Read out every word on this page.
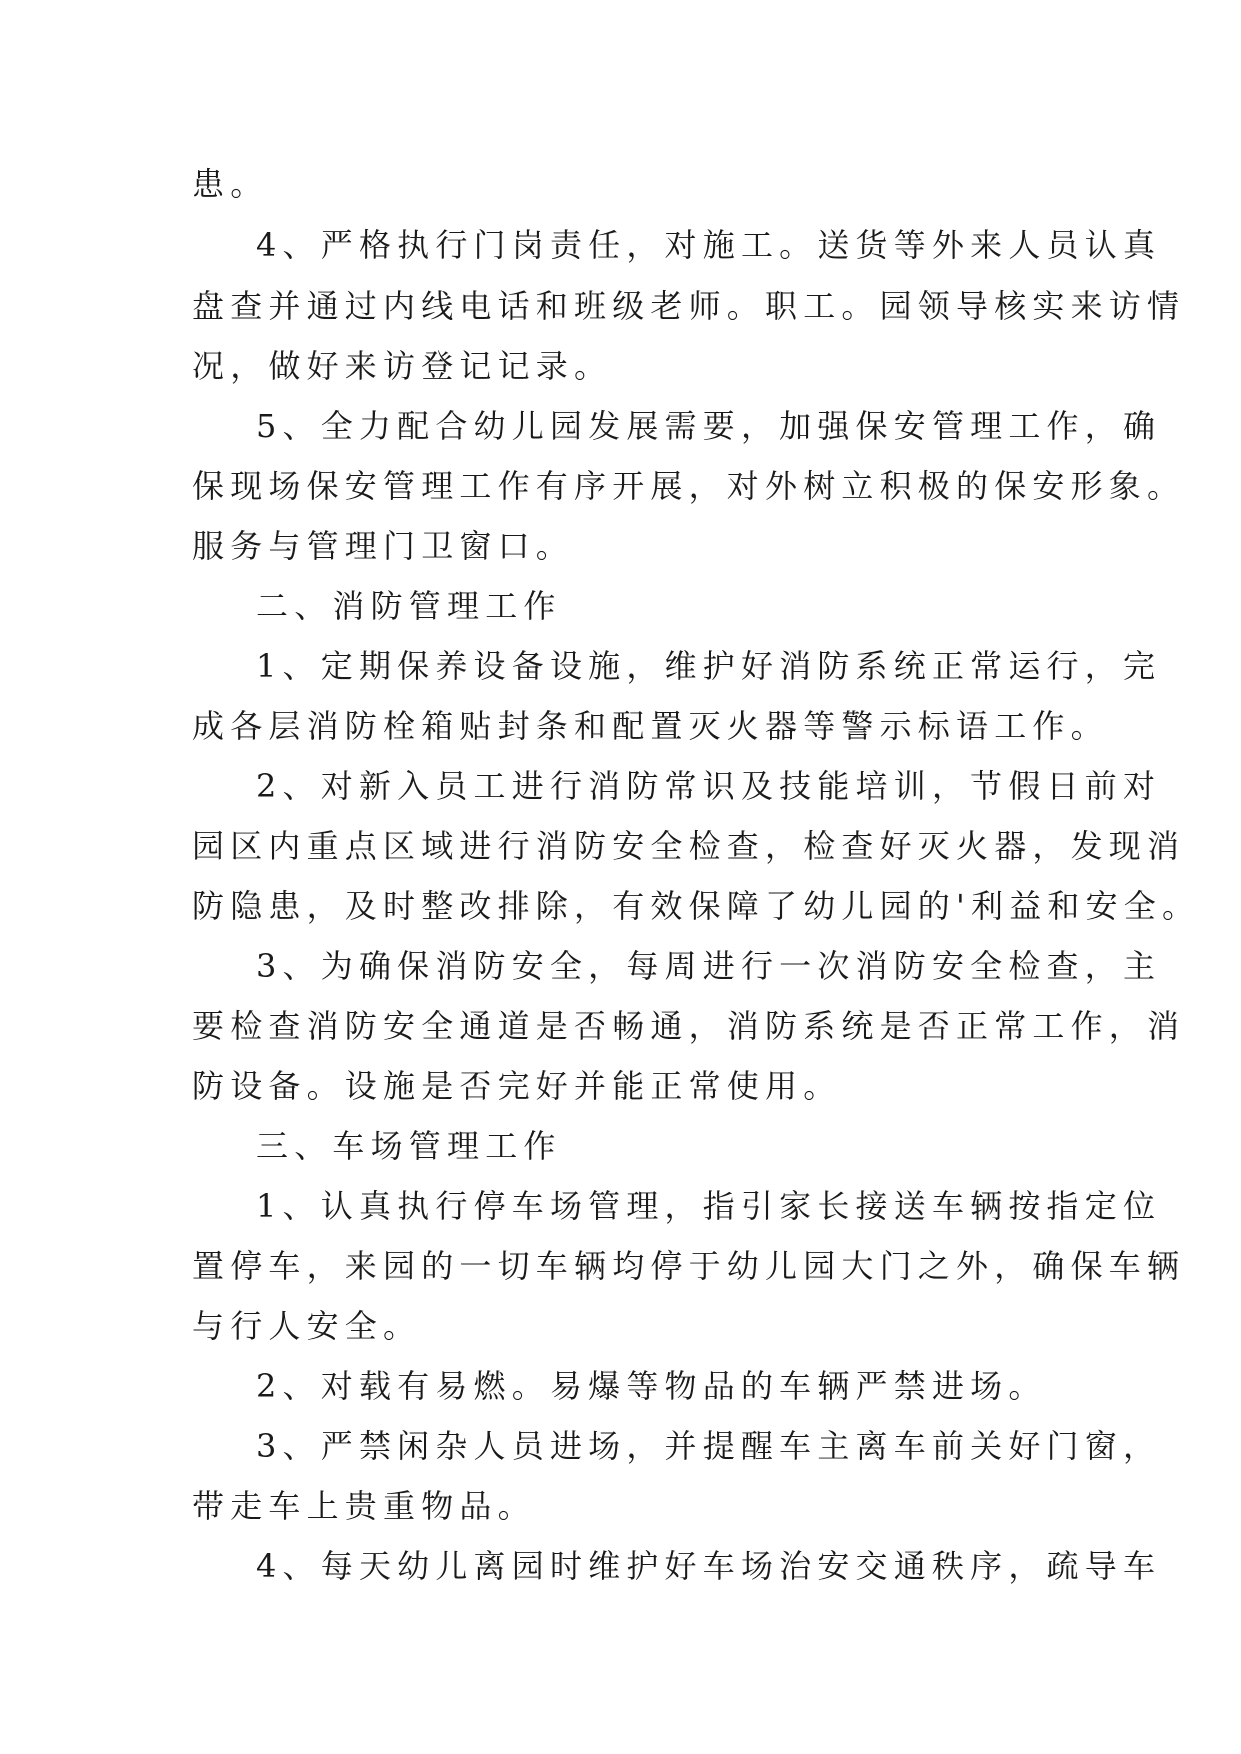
患。

4、严格执行门岗责任，对施工。送货等外来人员认真

盘查并通过内线电话和班级老师。职工。园领导核实来访情

况，做好来访登记记录。

5、全力配合幼儿园发展需要，加强保安管理工作，确

保现场保安管理工作有序开展，对外树立积极的保安形象。

服务与管理门卫窗口。

二、消防管理工作

1、定期保养设备设施，维护好消防系统正常运行，完

成各层消防栓箱贴封条和配置灭火器等警示标语工作。

2、对新入员工进行消防常识及技能培训，节假日前对

园区内重点区域进行消防安全检查，检查好灭火器，发现消

防隐患，及时整改排除，有效保障了幼儿园的'利益和安全。

3、为确保消防安全，每周进行一次消防安全检查，主

要检查消防安全通道是否畅通，消防系统是否正常工作，消

防设备。设施是否完好并能正常使用。

三、车场管理工作

1、认真执行停车场管理，指引家长接送车辆按指定位

置停车，来园的一切车辆均停于幼儿园大门之外，确保车辆

与行人安全。

2、对载有易燃。易爆等物品的车辆严禁进场。

3、严禁闲杂人员进场，并提醒车主离车前关好门窗，

带走车上贵重物品。

4、每天幼儿离园时维护好车场治安交通秩序，疏导车
